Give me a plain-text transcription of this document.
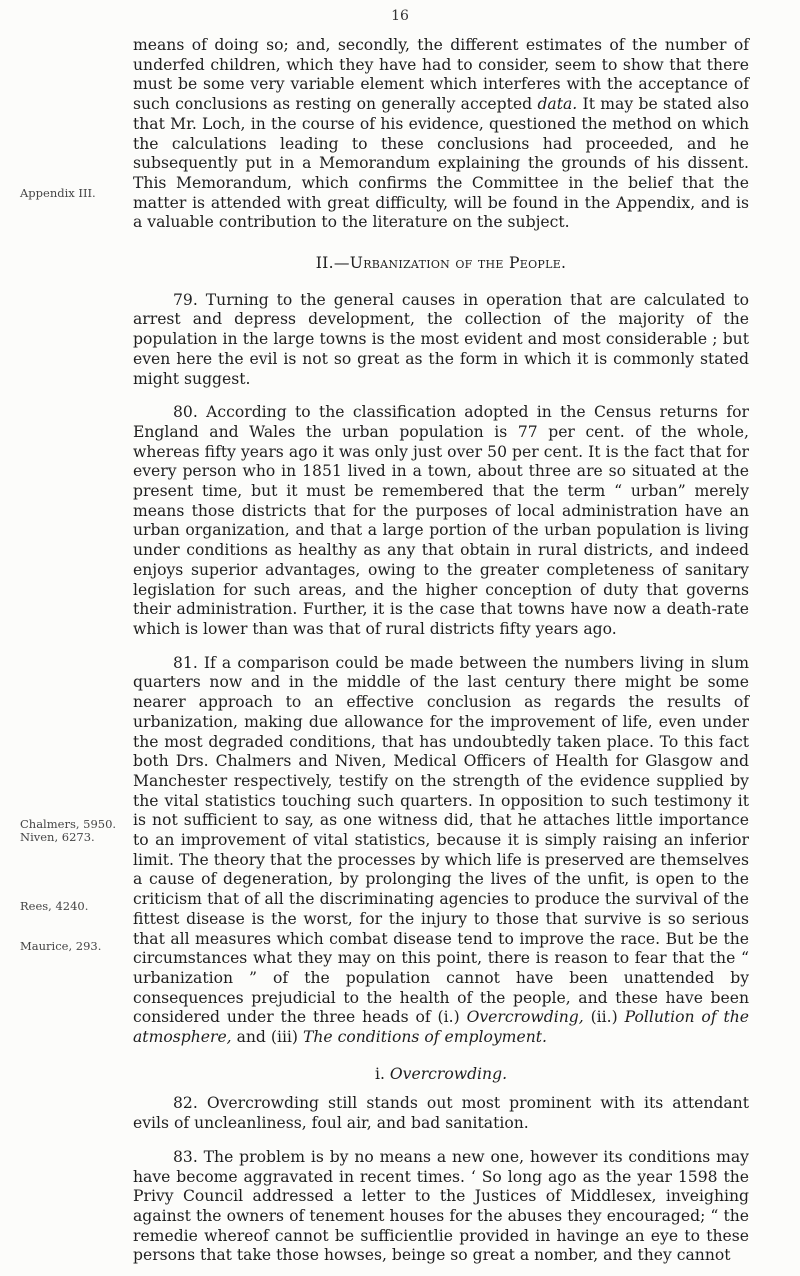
16
Appendix III.
Chalmers, 5950.
Niven, 6273.
Rees, 4240.
Maurice, 293.

means of doing so; and, secondly, the different estimates of the number of underfed children, which they have had to consider, seem to show that there must be some very variable element which interferes with the acceptance of such conclusions as resting on generally accepted data. It may be stated also that Mr. Loch, in the course of his evidence, questioned the method on which the calculations leading to these conclusions had proceeded, and he subsequently put in a Memorandum explaining the grounds of his dissent. This Memorandum, which confirms the Committee in the belief that the matter is attended with great difficulty, will be found in the Appendix, and is a valuable contribution to the literature on the subject.

II.—Urbanization of the People.

79. Turning to the general causes in operation that are calculated to arrest and depress development, the collection of the majority of the population in the large towns is the most evident and most considerable ; but even here the evil is not so great as the form in which it is commonly stated might suggest.

80. According to the classification adopted in the Census returns for England and Wales the urban population is 77 per cent. of the whole, whereas fifty years ago it was only just over 50 per cent. It is the fact that for every person who in 1851 lived in a town, about three are so situated at the present time, but it must be remembered that the term “ urban” merely means those districts that for the purposes of local administration have an urban organization, and that a large portion of the urban population is living under conditions as healthy as any that obtain in rural districts, and indeed enjoys superior advantages, owing to the greater completeness of sanitary legislation for such areas, and the higher conception of duty that governs their administration. Further, it is the case that towns have now a death-rate which is lower than was that of rural districts fifty years ago.

81. If a comparison could be made between the numbers living in slum quarters now and in the middle of the last century there might be some nearer approach to an effective conclusion as regards the results of urbanization, making due allowance for the improvement of life, even under the most degraded conditions, that has undoubtedly taken place. To this fact both Drs. Chalmers and Niven, Medical Officers of Health for Glasgow and Manchester respectively, testify on the strength of the evidence supplied by the vital statistics touching such quarters. In opposition to such testimony it is not sufficient to say, as one witness did, that he attaches little importance to an improvement of vital statistics, because it is simply raising an inferior limit. The theory that the processes by which life is preserved are themselves a cause of degeneration, by prolonging the lives of the unfit, is open to the criticism that of all the discriminating agencies to produce the survival of the fittest disease is the worst, for the injury to those that survive is so serious that all measures which combat disease tend to improve the race. But be the circumstances what they may on this point, there is reason to fear that the “ urbanization ” of the population cannot have been unattended by consequences prejudicial to the health of the people, and these have been considered under the three heads of (i.) Overcrowding, (ii.) Pollution of the atmosphere, and (iii) The conditions of employment.

i. Overcrowding.

82. Overcrowding still stands out most prominent with its attendant evils of uncleanliness, foul air, and bad sanitation.

83. The problem is by no means a new one, however its conditions may have become aggravated in recent times. ‘ So long ago as the year 1598 the Privy Council addressed a letter to the Justices of Middlesex, inveighing against the owners of tenement houses for the abuses they encouraged; “ the remedie whereof cannot be sufficientlie provided in havinge an eye to these persons that take those howses, beinge so great a nomber, and they cannot
